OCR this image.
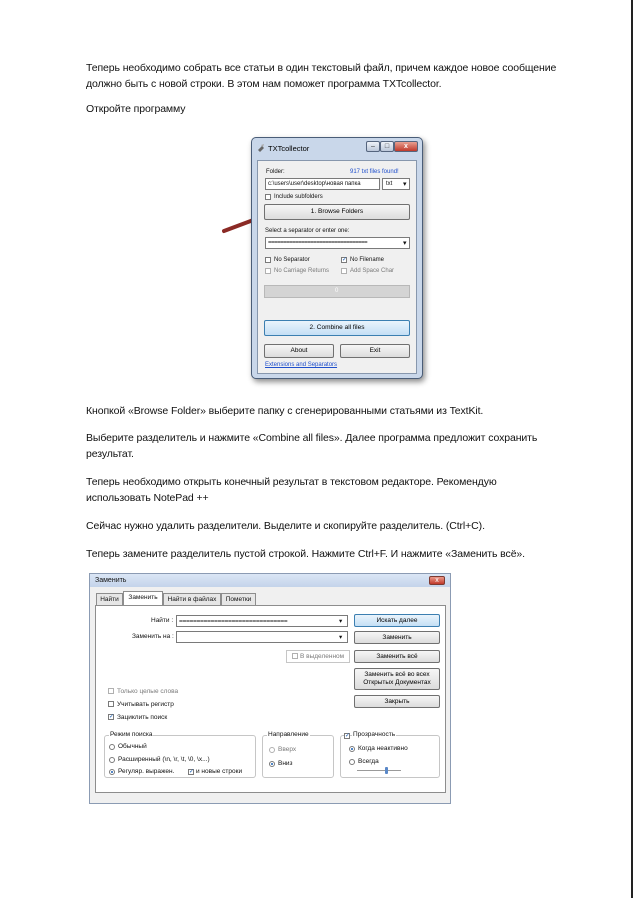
Теперь необходимо собрать все статьи в один текстовый файл, причем каждое новое сообщение
должно быть с новой строки. В этом нам поможет программа TXTcollector.
Откройте программу
TXTcollector	–	□	x
Folder:	917 txt files found!
c:\users\user\desktop\новая папка	txt ▾
Include subfolders
1. Browse Folders
Select a separator or enter one:
=================================	▾
No Separator	✓ No Filename
No Carriage Returns	Add Space Char
0
2. Combine all files
About	Exit
Extensions and Separators
Кнопкой «Browse Folder» выберите папку с сгенерированными статьями из TextKit.
Выберите разделитель и нажмите «Combine all files». Далее программа предложит сохранить
результат.
Теперь необходимо открыть конечный результат в текстовом редакторе. Рекомендую
использовать NotePad ++
Сейчас нужно удалить разделители. Выделите и скопируйте разделитель. (Ctrl+C).
Теперь замените разделитель пустой строкой. Нажмите Ctrl+F. И нажмите «Заменить всё».
Заменить	x
Найти	Заменить	Найти в файлах	Пометки
Найти : ===============================	▾
Заменить на :	▾
Искать далее
Заменить
В выделенном	Заменить всё
Заменить всё во всех
Открытых Документах
Закрыть
Только целые слова
Учитывать регистр
✓ Зациклить поиск
Режим поиска
Обычный
Расширенный (\n, \r, \t, \0, \x...)
Регуляр. выражен. ✓ и новые строки
Направление
Вверх
Вниз
✓ Прозрачность
Когда неактивно
Всегда
